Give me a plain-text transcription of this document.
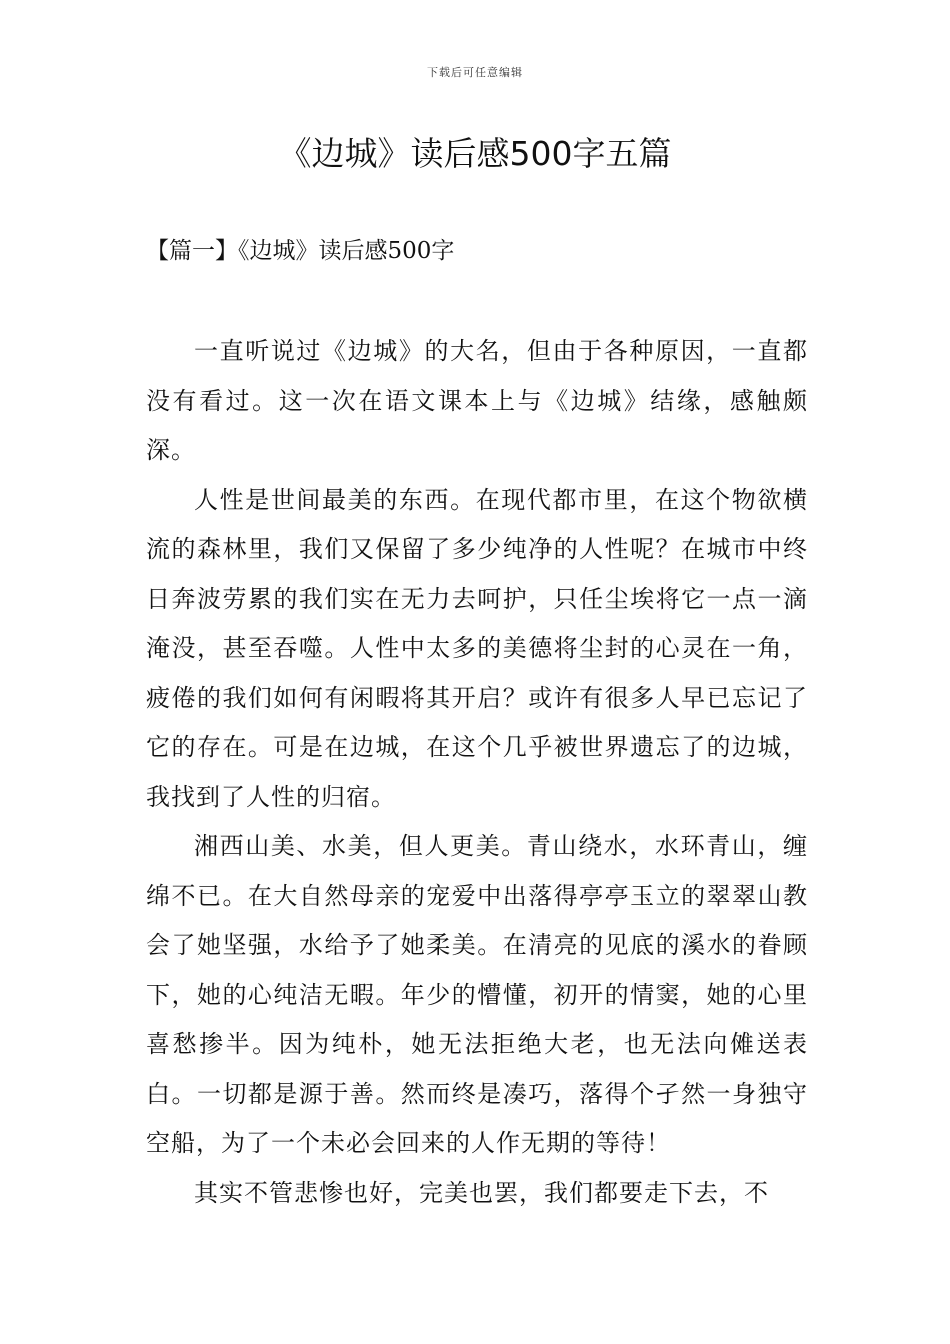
下载后可任意编辑
《边城》读后感500字五篇
【篇一】《边城》读后感500字

一直听说过《边城》的大名，但由于各种原因，一直都没有看过。这一次在语文课本上与《边城》结缘，感触颇深。

人性是世间最美的东西。在现代都市里，在这个物欲横流的森林里，我们又保留了多少纯净的人性呢？在城市中终日奔波劳累的我们实在无力去呵护，只任尘埃将它一点一滴淹没，甚至吞噬。人性中太多的美德将尘封的心灵在一角，疲倦的我们如何有闲暇将其开启？或许有很多人早已忘记了它的存在。可是在边城，在这个几乎被世界遗忘了的边城，我找到了人性的归宿。

湘西山美、水美，但人更美。青山绕水，水环青山，缠绵不已。在大自然母亲的宠爱中出落得亭亭玉立的翠翠山教会了她坚强，水给予了她柔美。在清亮的见底的溪水的眷顾下，她的心纯洁无暇。年少的懵懂，初开的情窦，她的心里喜愁掺半。因为纯朴，她无法拒绝大老，也无法向傩送表白。一切都是源于善。然而终是凑巧，落得个孑然一身独守空船，为了一个未必会回来的人作无期的等待！

其实不管悲惨也好，完美也罢，我们都要走下去，不
